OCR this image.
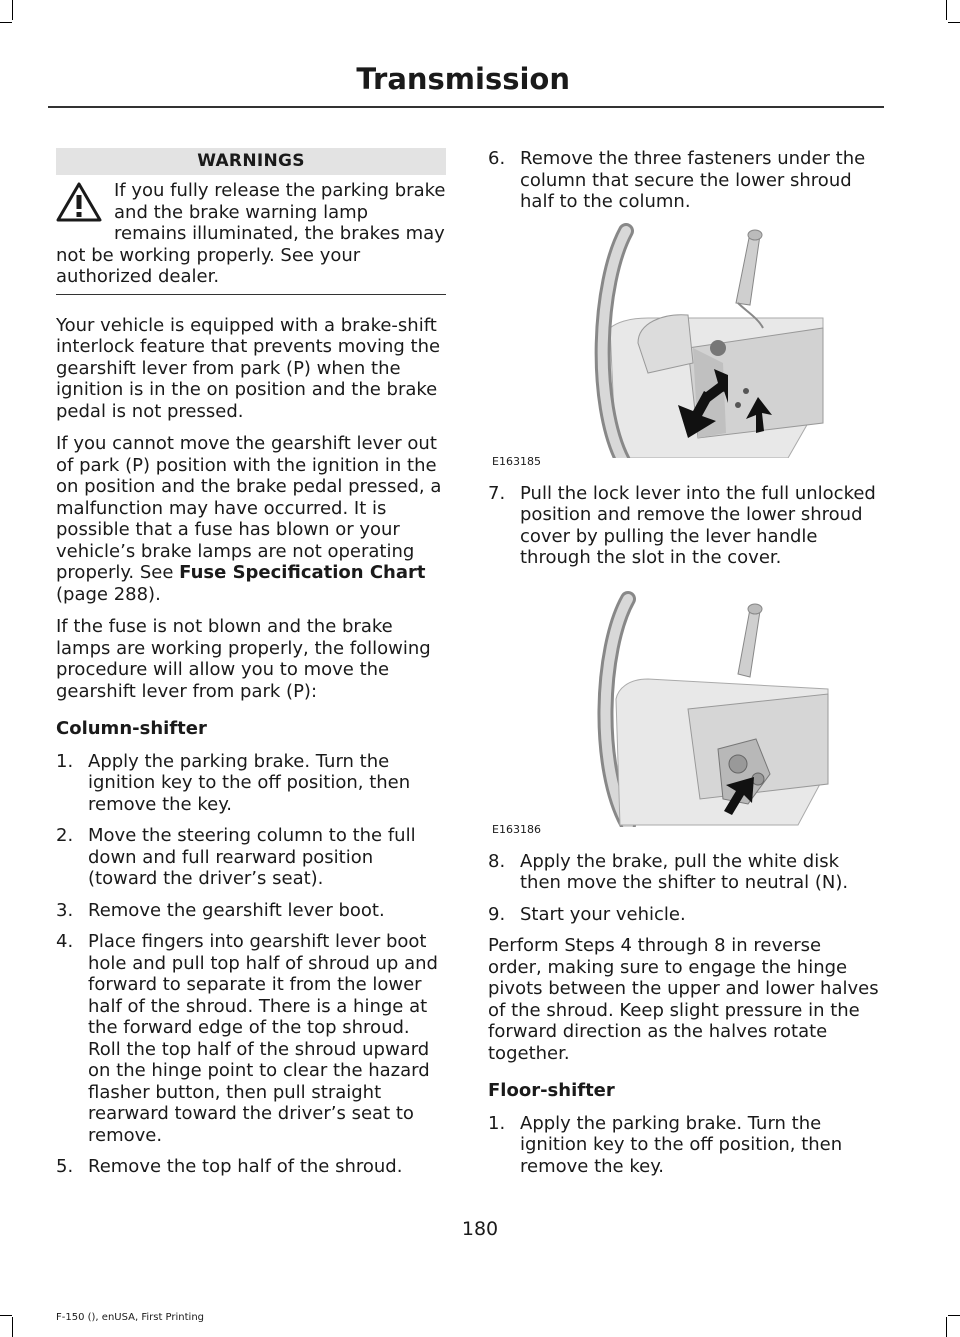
Transmission
WARNINGS
If you fully release the parking brake and the brake warning lamp remains illuminated, the brakes may not be working properly. See your authorized dealer.

Your vehicle is equipped with a brake-shift interlock feature that prevents moving the gearshift lever from park (P) when the ignition is in the on position and the brake pedal is not pressed.

If you cannot move the gearshift lever out of park (P) position with the ignition in the on position and the brake pedal pressed, a malfunction may have occurred. It is possible that a fuse has blown or your vehicle’s brake lamps are not operating properly. See Fuse Specification Chart (page 288).

If the fuse is not blown and the brake lamps are working properly, the following procedure will allow you to move the gearshift lever from park (P):

Column-shifter
1. Apply the parking brake. Turn the ignition key to the off position, then remove the key.
2. Move the steering column to the full down and full rearward position (toward the driver’s seat).
3. Remove the gearshift lever boot.
4. Place fingers into gearshift lever boot hole and pull top half of shroud up and forward to separate it from the lower half of the shroud. There is a hinge at the forward edge of the top shroud. Roll the top half of the shroud upward on the hinge point to clear the hazard flasher button, then pull straight rearward toward the driver’s seat to remove.
5. Remove the top half of the shroud.
6. Remove the three fasteners under the column that secure the lower shroud half to the column.
E163185
7. Pull the lock lever into the full unlocked position and remove the lower shroud cover by pulling the lever handle through the slot in the cover.
E163186
8. Apply the brake, pull the white disk then move the shifter to neutral (N).
9. Start your vehicle.

Perform Steps 4 through 8 in reverse order, making sure to engage the hinge pivots between the upper and lower halves of the shroud. Keep slight pressure in the forward direction as the halves rotate together.

Floor-shifter
1. Apply the parking brake. Turn the ignition key to the off position, then remove the key.
180
F-150 (), enUSA, First Printing
